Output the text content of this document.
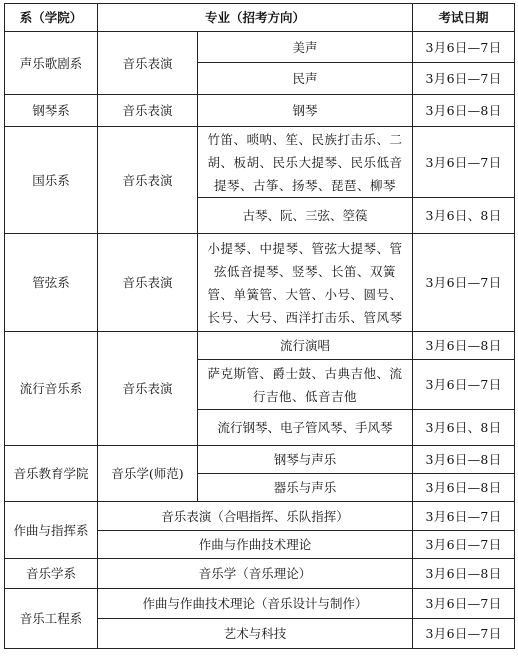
系（学院）	专业（招考方向）		考试日期
声乐歌剧系	音乐表演	美声	3月6日—7日
		民声	3月6日—7日
钢琴系	音乐表演	钢琴	3月6日—8日
国乐系	音乐表演	竹笛、唢呐、笙、民族打击乐、二胡、板胡、民乐大提琴、民乐低音提琴、古筝、扬琴、琵琶、柳琴	3月6日—7日
		古琴、阮、三弦、箜篌	3月6日、8日
管弦系	音乐表演	小提琴、中提琴、管弦大提琴、管弦低音提琴、竖琴、长笛、双簧管、单簧管、大管、小号、圆号、长号、大号、西洋打击乐、管风琴	3月6日—7日
流行音乐系	音乐表演	流行演唱	3月6日—8日
		萨克斯管、爵士鼓、古典吉他、流行吉他、低音吉他	3月6日—7日
		流行钢琴、电子管风琴、手风琴	3月6日、8日
音乐教育学院	音乐学(师范)	钢琴与声乐	3月6日—8日
		器乐与声乐	3月6日—8日
作曲与指挥系	音乐表演（合唱指挥、乐队指挥）		3月6日—7日
	作曲与作曲技术理论		3月6日—7日
音乐学系	音乐学（音乐理论）		3月6日—8日
音乐工程系	作曲与作曲技术理论（音乐设计与制作）		3月6日—7日
	艺术与科技		3月6日—7日
